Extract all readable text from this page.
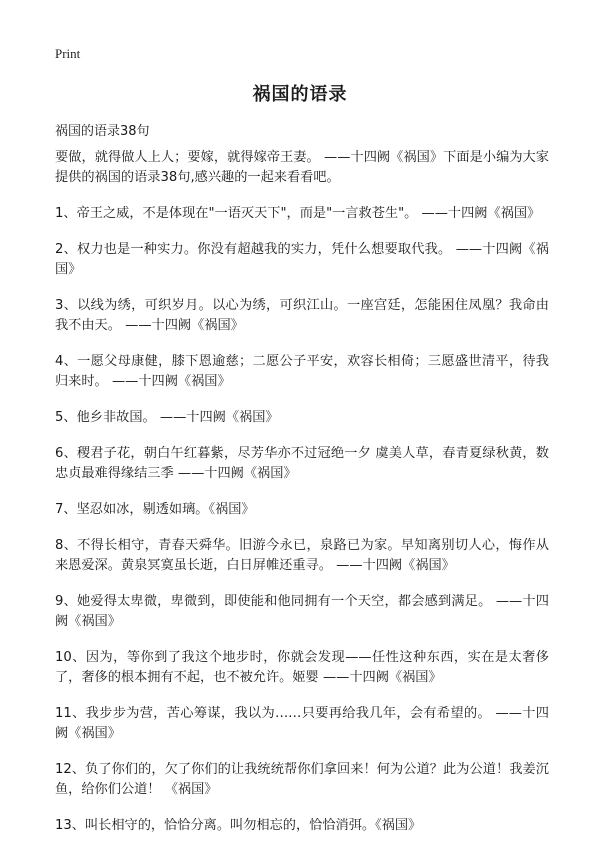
Print
祸国的语录
祸国的语录38句

要做，就得做人上人；要嫁，就得嫁帝王妻。 ——十四阙《祸国》下面是小编为大家提供的祸国的语录38句,感兴趣的一起来看看吧。

1、帝王之威，不是体现在"一语灭天下"，而是"一言救苍生"。 ——十四阙《祸国》

2、权力也是一种实力。你没有超越我的实力，凭什么想要取代我。 ——十四阙《祸国》

3、以线为绣，可织岁月。以心为绣，可织江山。一座宫廷，怎能困住凤凰？我命由我不由天。 ——十四阙《祸国》

4、一愿父母康健，膝下恩逾慈；二愿公子平安，欢容长相倚；三愿盛世清平，待我归来时。 ——十四阙《祸国》

5、他乡非故国。 ——十四阙《祸国》

6、稷君子花，朝白午红暮紫，尽芳华亦不过冠绝一夕 虞美人草，春青夏绿秋黄，数忠贞最难得缘结三季 ——十四阙《祸国》

7、坚忍如冰，剔透如璃。《祸国》

8、不得长相守，青春天舜华。旧游今永已，泉路已为家。早知离别切人心，悔作从来恩爱深。黄泉冥寞虽长逝，白日屏帷还重寻。 ——十四阙《祸国》

9、她爱得太卑微，卑微到，即使能和他同拥有一个天空，都会感到满足。 ——十四阙《祸国》

10、因为，等你到了我这个地步时，你就会发现——任性这种东西，实在是太奢侈了，奢侈的根本拥有不起，也不被允许。姬婴 ——十四阙《祸国》

11、我步步为营，苦心筹谋，我以为……只要再给我几年，会有希望的。 ——十四阙《祸国》

12、负了你们的，欠了你们的让我统统帮你们拿回来！何为公道？此为公道！我姜沉鱼，给你们公道！ 《祸国》

13、叫长相守的，恰恰分离。叫勿相忘的，恰恰消弭。《祸国》
